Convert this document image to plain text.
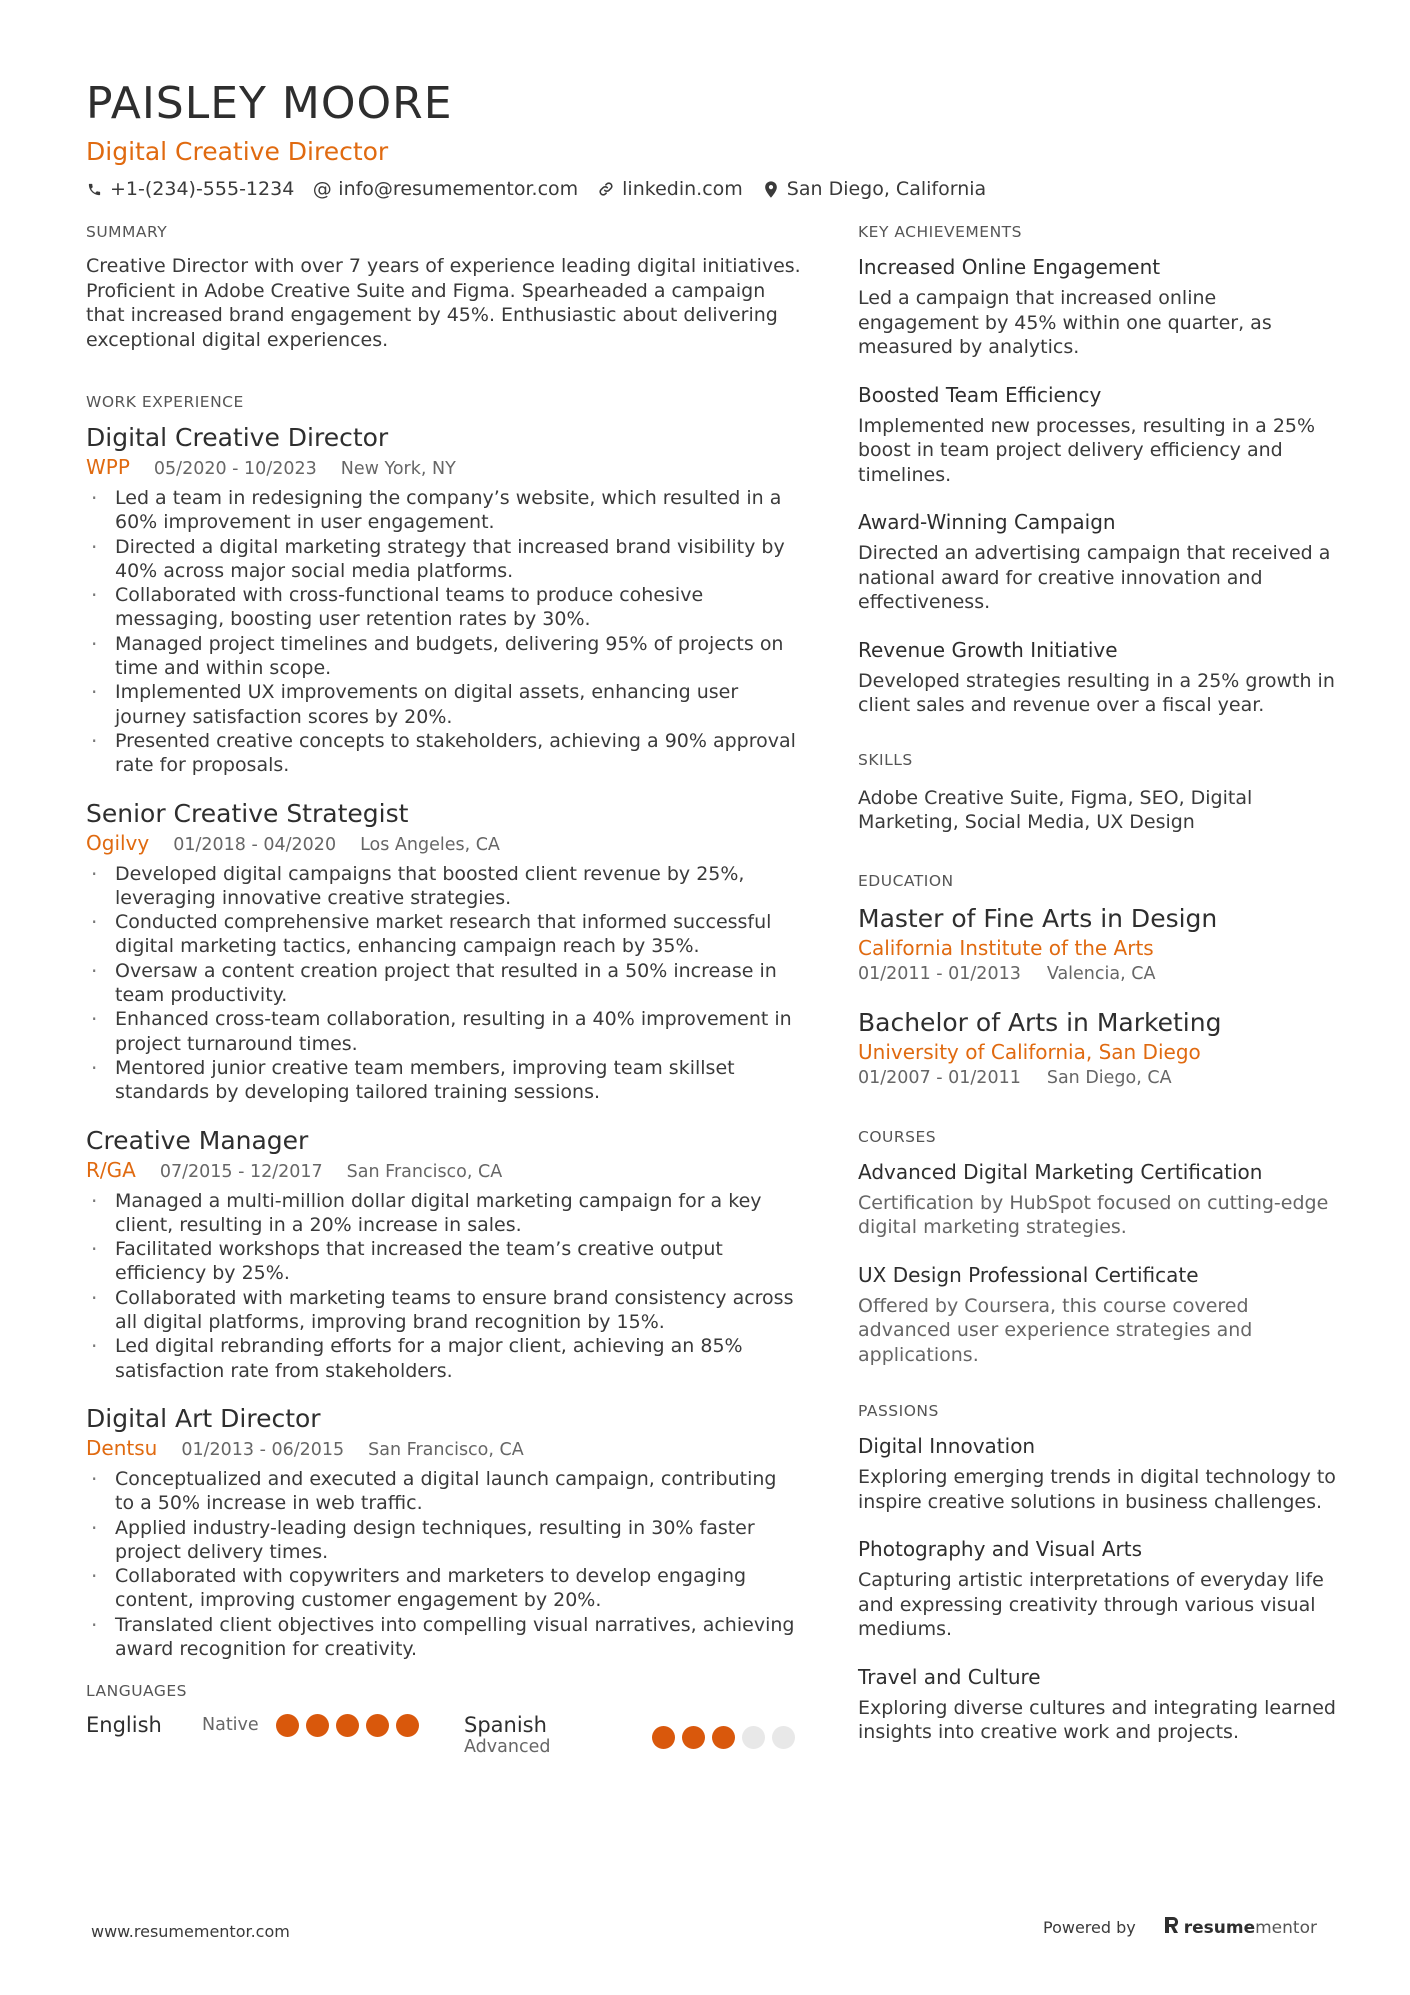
PAISLEY MOORE
Digital Creative Director
+1-(234)-555-1234 @ info@resumementor.com linkedin.com San Diego, California
SUMMARY
Creative Director with over 7 years of experience leading digital initiatives. Proficient in Adobe Creative Suite and Figma. Spearheaded a campaign that increased brand engagement by 45%. Enthusiastic about delivering exceptional digital experiences.
WORK EXPERIENCE
Digital Creative Director
WPP 05/2020 - 10/2023 New York, NY
· Led a team in redesigning the company’s website, which resulted in a 60% improvement in user engagement.
· Directed a digital marketing strategy that increased brand visibility by 40% across major social media platforms.
· Collaborated with cross-functional teams to produce cohesive messaging, boosting user retention rates by 30%.
· Managed project timelines and budgets, delivering 95% of projects on time and within scope.
· Implemented UX improvements on digital assets, enhancing user journey satisfaction scores by 20%.
· Presented creative concepts to stakeholders, achieving a 90% approval rate for proposals.
Senior Creative Strategist
Ogilvy 01/2018 - 04/2020 Los Angeles, CA
· Developed digital campaigns that boosted client revenue by 25%, leveraging innovative creative strategies.
· Conducted comprehensive market research that informed successful digital marketing tactics, enhancing campaign reach by 35%.
· Oversaw a content creation project that resulted in a 50% increase in team productivity.
· Enhanced cross-team collaboration, resulting in a 40% improvement in project turnaround times.
· Mentored junior creative team members, improving team skillset standards by developing tailored training sessions.
Creative Manager
R/GA 07/2015 - 12/2017 San Francisco, CA
· Managed a multi-million dollar digital marketing campaign for a key client, resulting in a 20% increase in sales.
· Facilitated workshops that increased the team’s creative output efficiency by 25%.
· Collaborated with marketing teams to ensure brand consistency across all digital platforms, improving brand recognition by 15%.
· Led digital rebranding efforts for a major client, achieving an 85% satisfaction rate from stakeholders.
Digital Art Director
Dentsu 01/2013 - 06/2015 San Francisco, CA
· Conceptualized and executed a digital launch campaign, contributing to a 50% increase in web traffic.
· Applied industry-leading design techniques, resulting in 30% faster project delivery times.
· Collaborated with copywriters and marketers to develop engaging content, improving customer engagement by 20%.
· Translated client objectives into compelling visual narratives, achieving award recognition for creativity.
LANGUAGES
English	Native	Spanish
Advanced
KEY ACHIEVEMENTS
Increased Online Engagement
Led a campaign that increased online engagement by 45% within one quarter, as measured by analytics.
Boosted Team Efficiency
Implemented new processes, resulting in a 25% boost in team project delivery efficiency and timelines.
Award-Winning Campaign
Directed an advertising campaign that received a national award for creative innovation and effectiveness.
Revenue Growth Initiative
Developed strategies resulting in a 25% growth in client sales and revenue over a fiscal year.
SKILLS
Adobe Creative Suite, Figma, SEO, Digital Marketing, Social Media, UX Design
EDUCATION
Master of Fine Arts in Design
California Institute of the Arts
01/2011 - 01/2013 Valencia, CA
Bachelor of Arts in Marketing
University of California, San Diego
01/2007 - 01/2011 San Diego, CA
COURSES
Advanced Digital Marketing Certification
Certification by HubSpot focused on cutting-edge digital marketing strategies.
UX Design Professional Certificate
Offered by Coursera, this course covered advanced user experience strategies and applications.
PASSIONS
Digital Innovation
Exploring emerging trends in digital technology to inspire creative solutions in business challenges.
Photography and Visual Arts
Capturing artistic interpretations of everyday life and expressing creativity through various visual mediums.
Travel and Culture
Exploring diverse cultures and integrating learned insights into creative work and projects.
www.resumementor.com	Powered by	resume mentor
